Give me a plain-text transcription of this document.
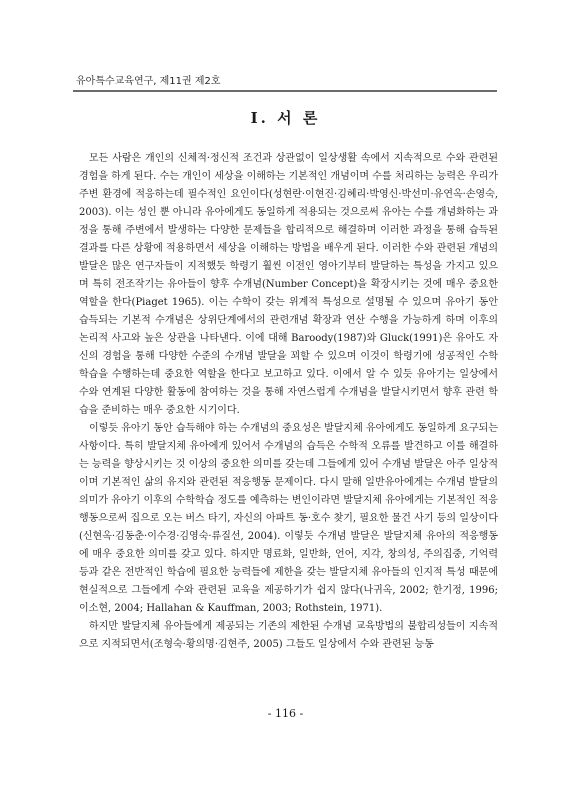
유아특수교육연구, 제11권 제2호
I. 서 론

모든 사람은 개인의 신체적·정신적 조건과 상관없이 일상생활 속에서 지속적으로 수와 관련된 경험을 하게 된다. 수는 개인이 세상을 이해하는 기본적인 개념이며 수를 처리하는 능력은 우리가 주변 환경에 적응하는데 필수적인 요인이다(성현란·이현진·김혜리·박영신·박선미·유연옥·손영숙, 2003). 이는 성인 뿐 아니라 유아에게도 동일하게 적용되는 것으로써 유아는 수를 개념화하는 과정을 통해 주변에서 발생하는 다양한 문제들을 합리적으로 해결하며 이러한 과정을 통해 습득된 결과를 다른 상황에 적용하면서 세상을 이해하는 방법을 배우게 된다. 이러한 수와 관련된 개념의 발달은 많은 연구자들이 지적했듯 학령기 훨씬 이전인 영아기부터 발달하는 특성을 가지고 있으며 특히 전조작기는 유아들이 향후 수개념(Number Concept)을 확장시키는 것에 매우 중요한 역할을 한다(Piaget 1965). 이는 수학이 갖는 위계적 특성으로 설명될 수 있으며 유아기 동안 습득되는 기본적 수개념은 상위단계에서의 관련개념 확장과 연산 수행을 가능하게 하며 이후의 논리적 사고와 높은 상관을 나타낸다. 이에 대해 Baroody(1987)와 Gluck(1991)은 유아도 자신의 경험을 통해 다양한 수준의 수개념 발달을 꾀할 수 있으며 이것이 학령기에 성공적인 수학 학습을 수행하는데 중요한 역할을 한다고 보고하고 있다. 이에서 알 수 있듯 유아기는 일상에서 수와 연계된 다양한 활동에 참여하는 것을 통해 자연스럽게 수개념을 발달시키면서 향후 관련 학습을 준비하는 매우 중요한 시기이다.

이렇듯 유아기 동안 습득해야 하는 수개념의 중요성은 발달지체 유아에게도 동일하게 요구되는 사항이다. 특히 발달지체 유아에게 있어서 수개념의 습득은 수학적 오류를 발견하고 이를 해결하는 능력을 향상시키는 것 이상의 중요한 의미를 갖는데 그들에게 있어 수개념 발달은 아주 일상적이며 기본적인 삶의 유지와 관련된 적응행동 문제이다. 다시 말해 일반유아에게는 수개념 발달의 의미가 유아기 이후의 수학학습 정도를 예측하는 변인이라면 발달지체 유아에게는 기본적인 적응행동으로써 집으로 오는 버스 타기, 자신의 아파트 동·호수 찾기, 필요한 물건 사기 등의 일상이다(신현옥·김동춘·이수경·김영숙·류질선, 2004). 이렇듯 수개념 발달은 발달지체 유아의 적응행동에 매우 중요한 의미를 갖고 있다. 하지만 명료화, 일반화, 언어, 지각, 창의성, 주의집중, 기억력 등과 같은 전반적인 학습에 필요한 능력들에 제한을 갖는 발달지체 유아들의 인지적 특성 때문에 현실적으로 그들에게 수와 관련된 교육을 제공하기가 쉽지 않다(나귀옥, 2002; 한기정, 1996; 이소현, 2004; Hallahan & Kauffman, 2003; Rothstein, 1971).

하지만 발달지체 유아들에게 제공되는 기존의 제한된 수개념 교육방법의 불합리성들이 지속적으로 지적되면서(조형숙·황의명·김현주, 2005) 그들도 일상에서 수와 관련된 능동

- 116 -
